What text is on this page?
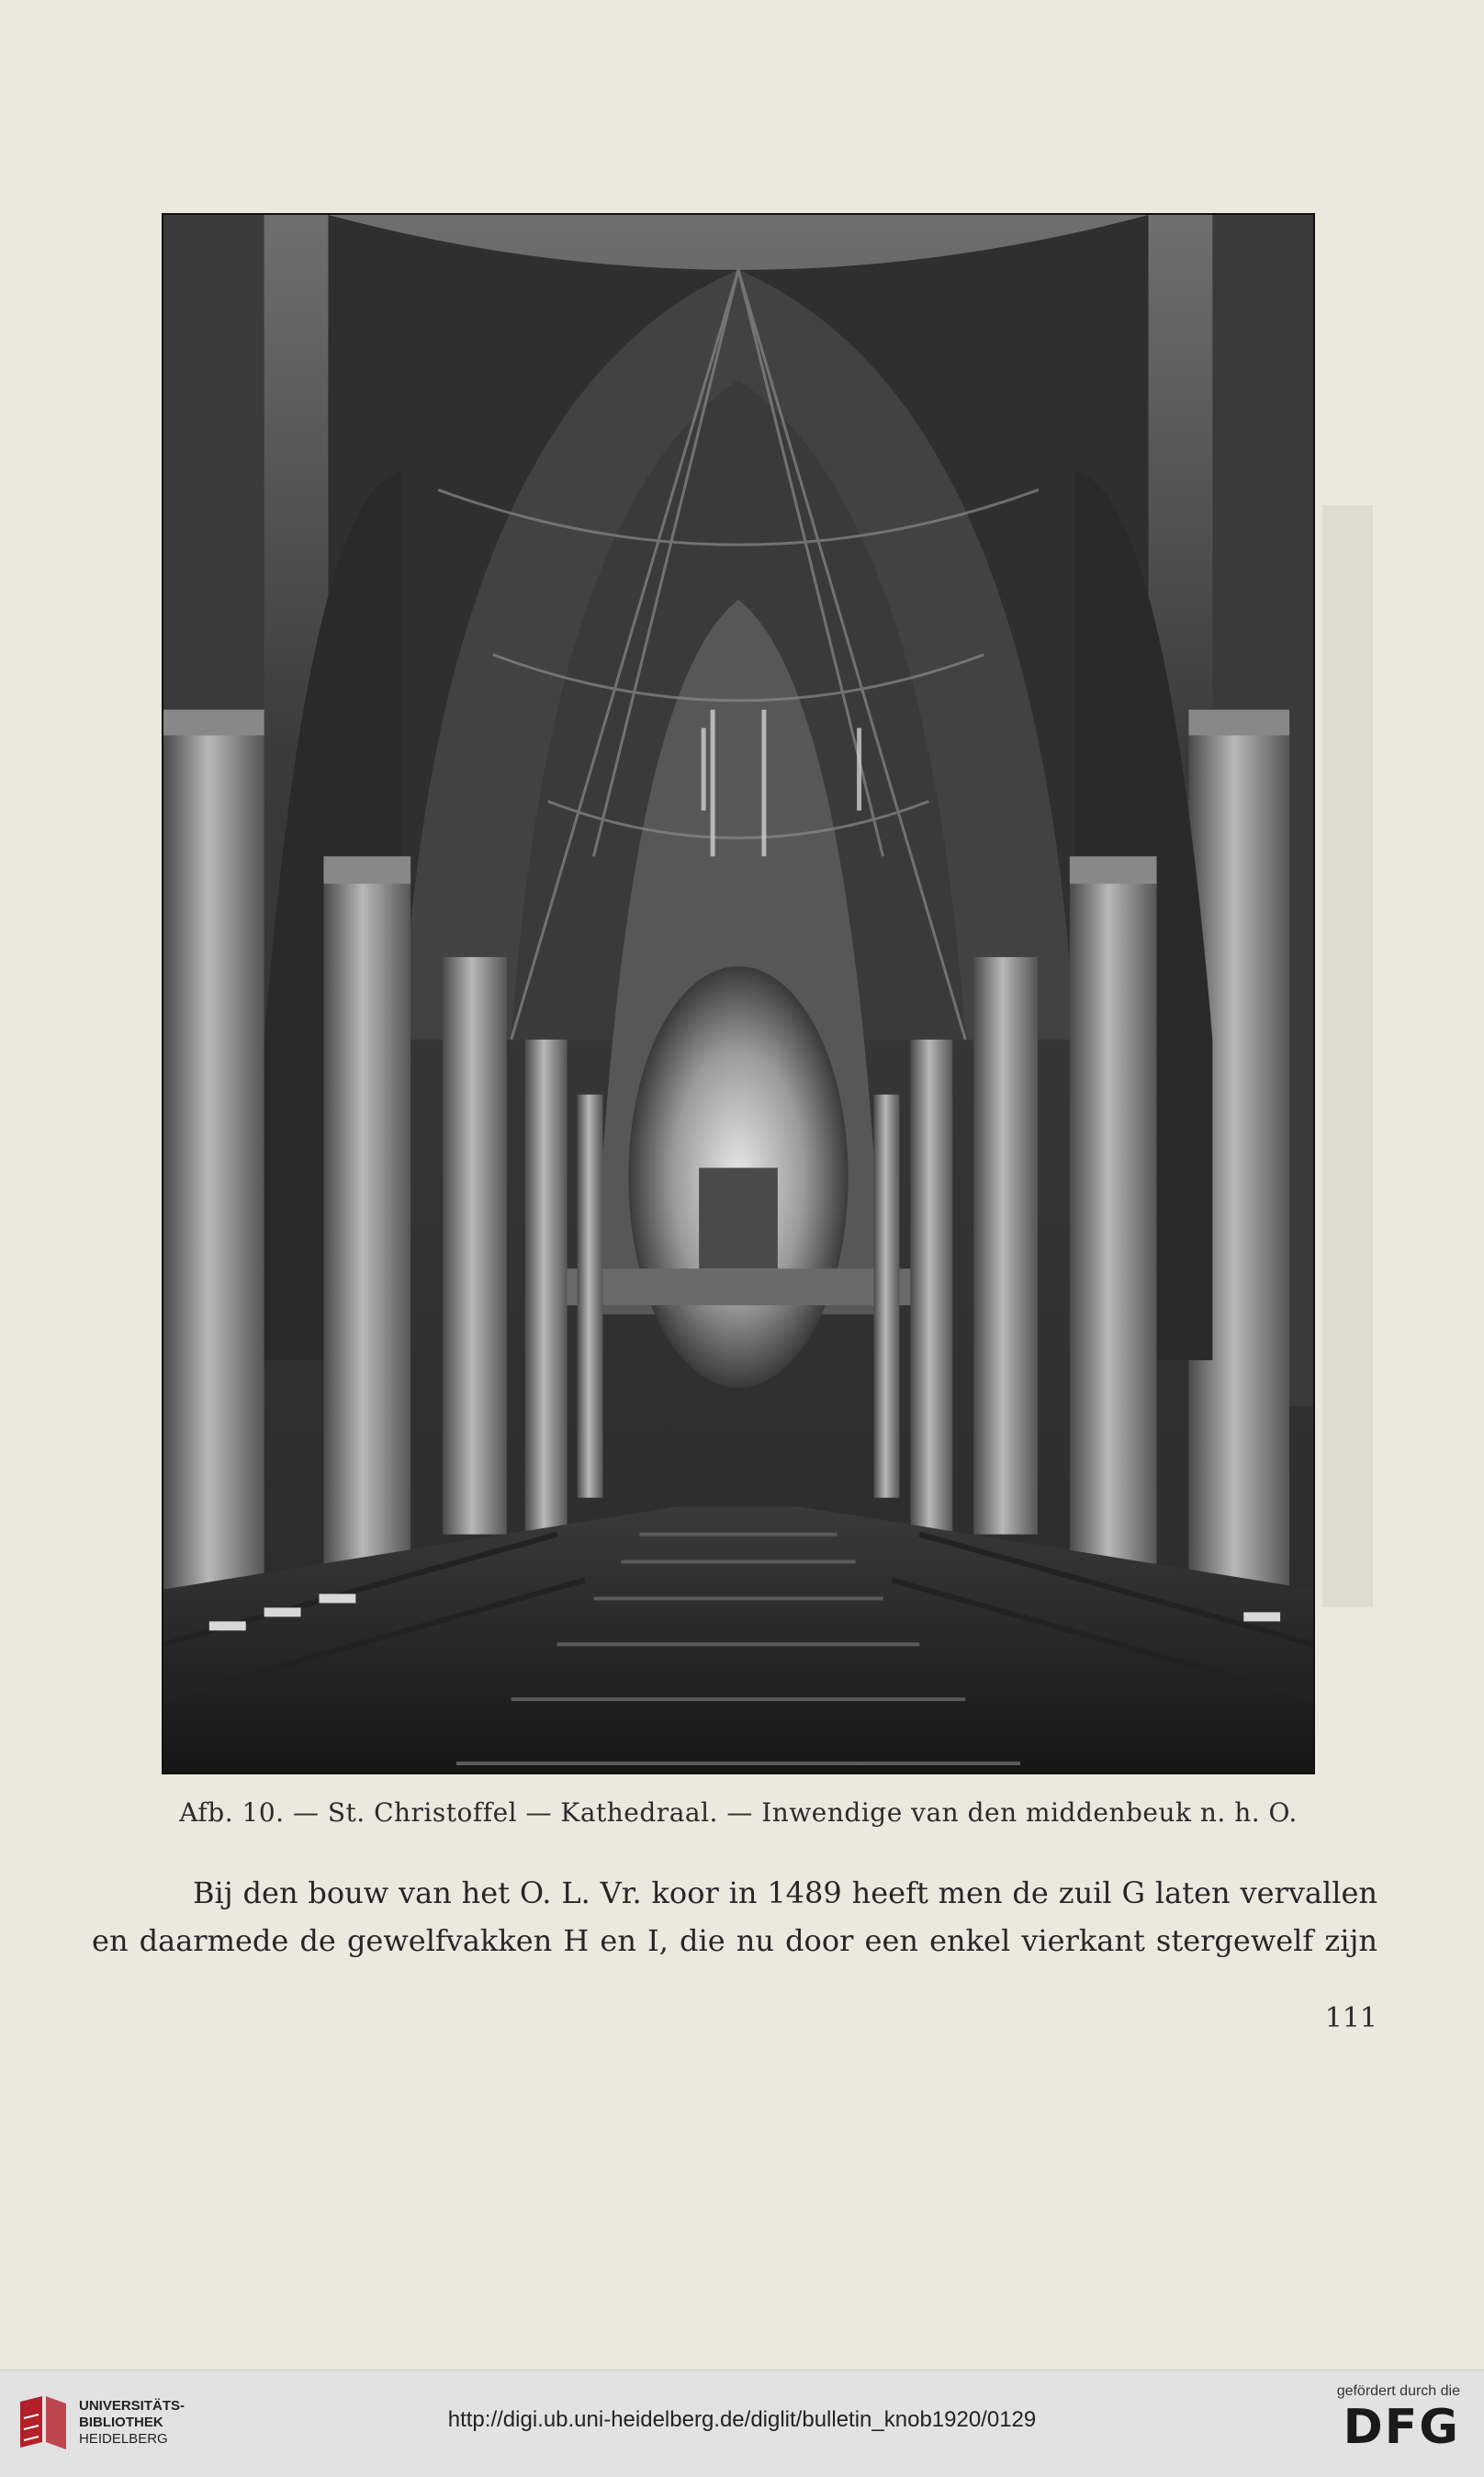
Afb. 10. — St. Christoffel — Kathedraal. — Inwendige van den middenbeuk n. h. O.
Bij den bouw van het O. L. Vr. koor in 1489 heeft men de zuil G laten vervallen
en daarmede de gewelfvakken H en I, die nu door een enkel vierkant stergewelf zijn
111
UNIVERSITÄTS-
BIBLIOTHEK
HEIDELBERG
http://digi.ub.uni-heidelberg.de/diglit/bulletin_knob1920/0129
gefördert durch die
DFG
